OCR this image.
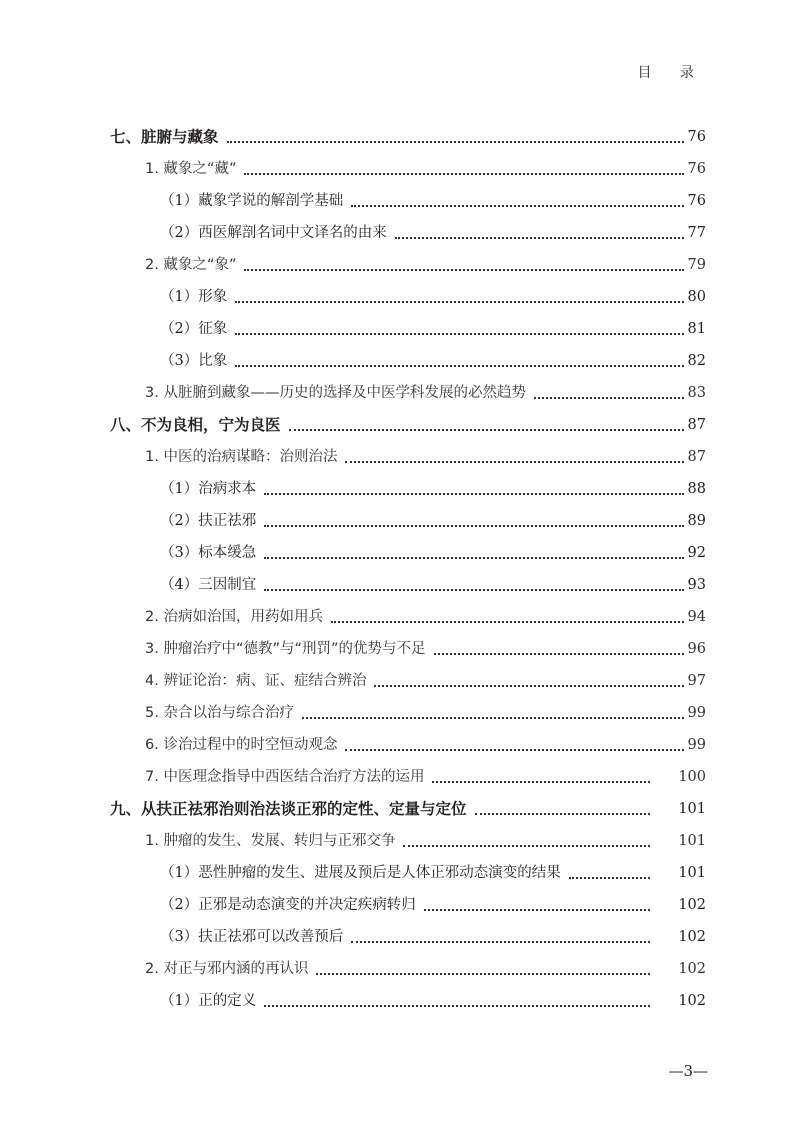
目 录
七、脏腑与藏象	76
1. 藏象之“藏”	76
（1）藏象学说的解剖学基础	76
（2）西医解剖名词中文译名的由来	77
2. 藏象之“象”	79
（1）形象	80
（2）征象	81
（3）比象	82
3. 从脏腑到藏象——历史的选择及中医学科发展的必然趋势	83
八、不为良相，宁为良医	87
1. 中医的治病谋略：治则治法	87
（1）治病求本	88
（2）扶正祛邪	89
（3）标本缓急	92
（4）三因制宜	93
2. 治病如治国，用药如用兵	94
3. 肿瘤治疗中“德教”与“刑罚”的优势与不足	96
4. 辨证论治：病、证、症结合辨治	97
5. 杂合以治与综合治疗	99
6. 诊治过程中的时空恒动观念	99
7. 中医理念指导中西医结合治疗方法的运用	100
九、从扶正祛邪治则治法谈正邪的定性、定量与定位	101
1. 肿瘤的发生、发展、转归与正邪交争	101
（1）恶性肿瘤的发生、进展及预后是人体正邪动态演变的结果	101
（2）正邪是动态演变的并决定疾病转归	102
（3）扶正祛邪可以改善预后	102
2. 对正与邪内涵的再认识	102
（1）正的定义	102
—3—
